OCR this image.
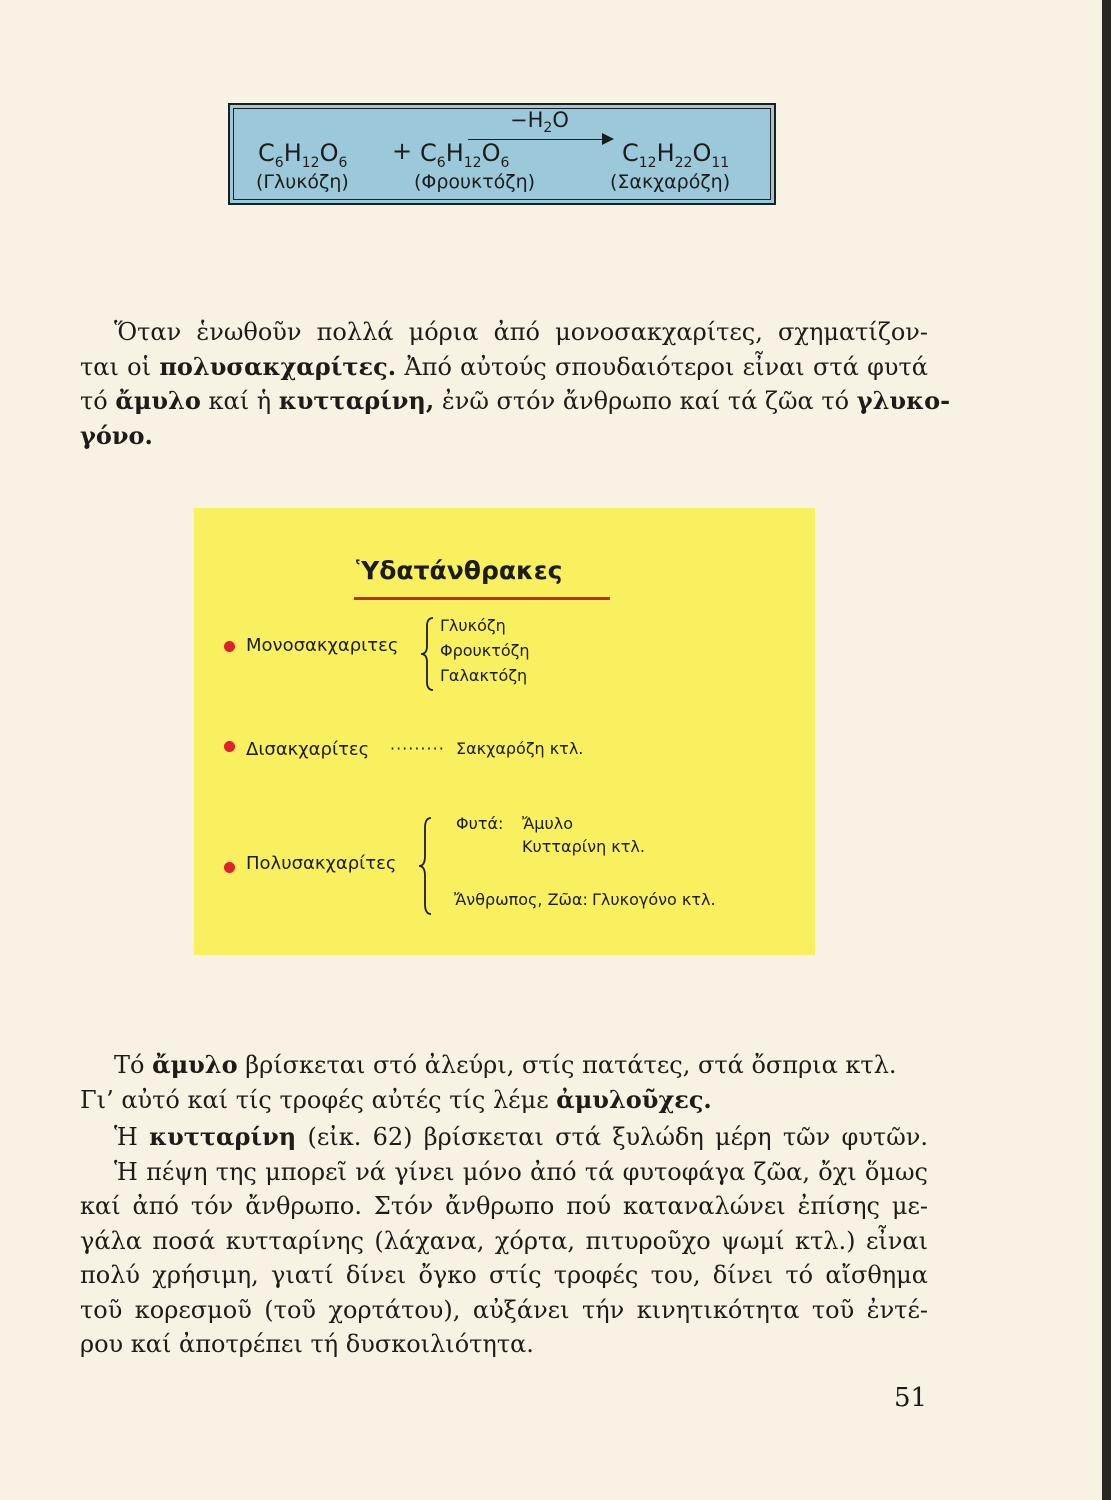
$C_6H_{12}O_6 + C_6H_{12}O_6$	$C_{12}H_{22}O_{11}$
$-H_2O$
(Γλυκόζη)	(Φρουκτόζη)	(Σακχαρόζη)
Ὅταν ἑνωθοῦν πολλά μόρια ἀπό μονοσακχαρίτες, σχηματίζον-
ται οἱ πολυσακχαρίτες. Ἀπό αὐτούς σπουδαιότεροι εἶναι στά φυτά
τό ἄμυλο καί ἡ κυτταρίνη, ἐνῶ στόν ἄνθρωπο καί τά ζῶα τό γλυκο-
γόνο.
Ὑδατάνθρακες
Μονοσακχαριτες
Γλυκόζη
Φρουκτόζη
Γαλακτόζη
Δισακχαρίτες ········· Σακχαρόζη κτλ.
Πολυσακχαρίτες
Φυτά: Ἄμυλο
Κυτταρίνη κτλ.
Ἄνθρωπος, Ζῶα: Γλυκογόνο κτλ.
Τό ἄμυλο βρίσκεται στό ἀλεύρι, στίς πατάτες, στά ὄσπρια κτλ.
Γι’ αὐτό καί τίς τροφές αὐτές τίς λέμε ἀμυλοῦχες.
Ἡ κυτταρίνη (εἰκ. 62) βρίσκεται στά ξυλώδη μέρη τῶν φυτῶν.
Ἡ πέψη της μπορεῖ νά γίνει μόνο ἀπό τά φυτοφάγα ζῶα, ὄχι ὅμως
καί ἀπό τόν ἄνθρωπο. Στόν ἄνθρωπο πού καταναλώνει ἐπίσης με-
γάλα ποσά κυτταρίνης (λάχανα, χόρτα, πιτυροῦχο ψωμί κτλ.) εἶναι
πολύ χρήσιμη, γιατί δίνει ὄγκο στίς τροφές του, δίνει τό αἴσθημα
τοῦ κορεσμοῦ (τοῦ χορτάτου), αὐξάνει τήν κινητικότητα τοῦ ἐντέ-
ρου καί ἀποτρέπει τή δυσκοιλιότητα.
51
